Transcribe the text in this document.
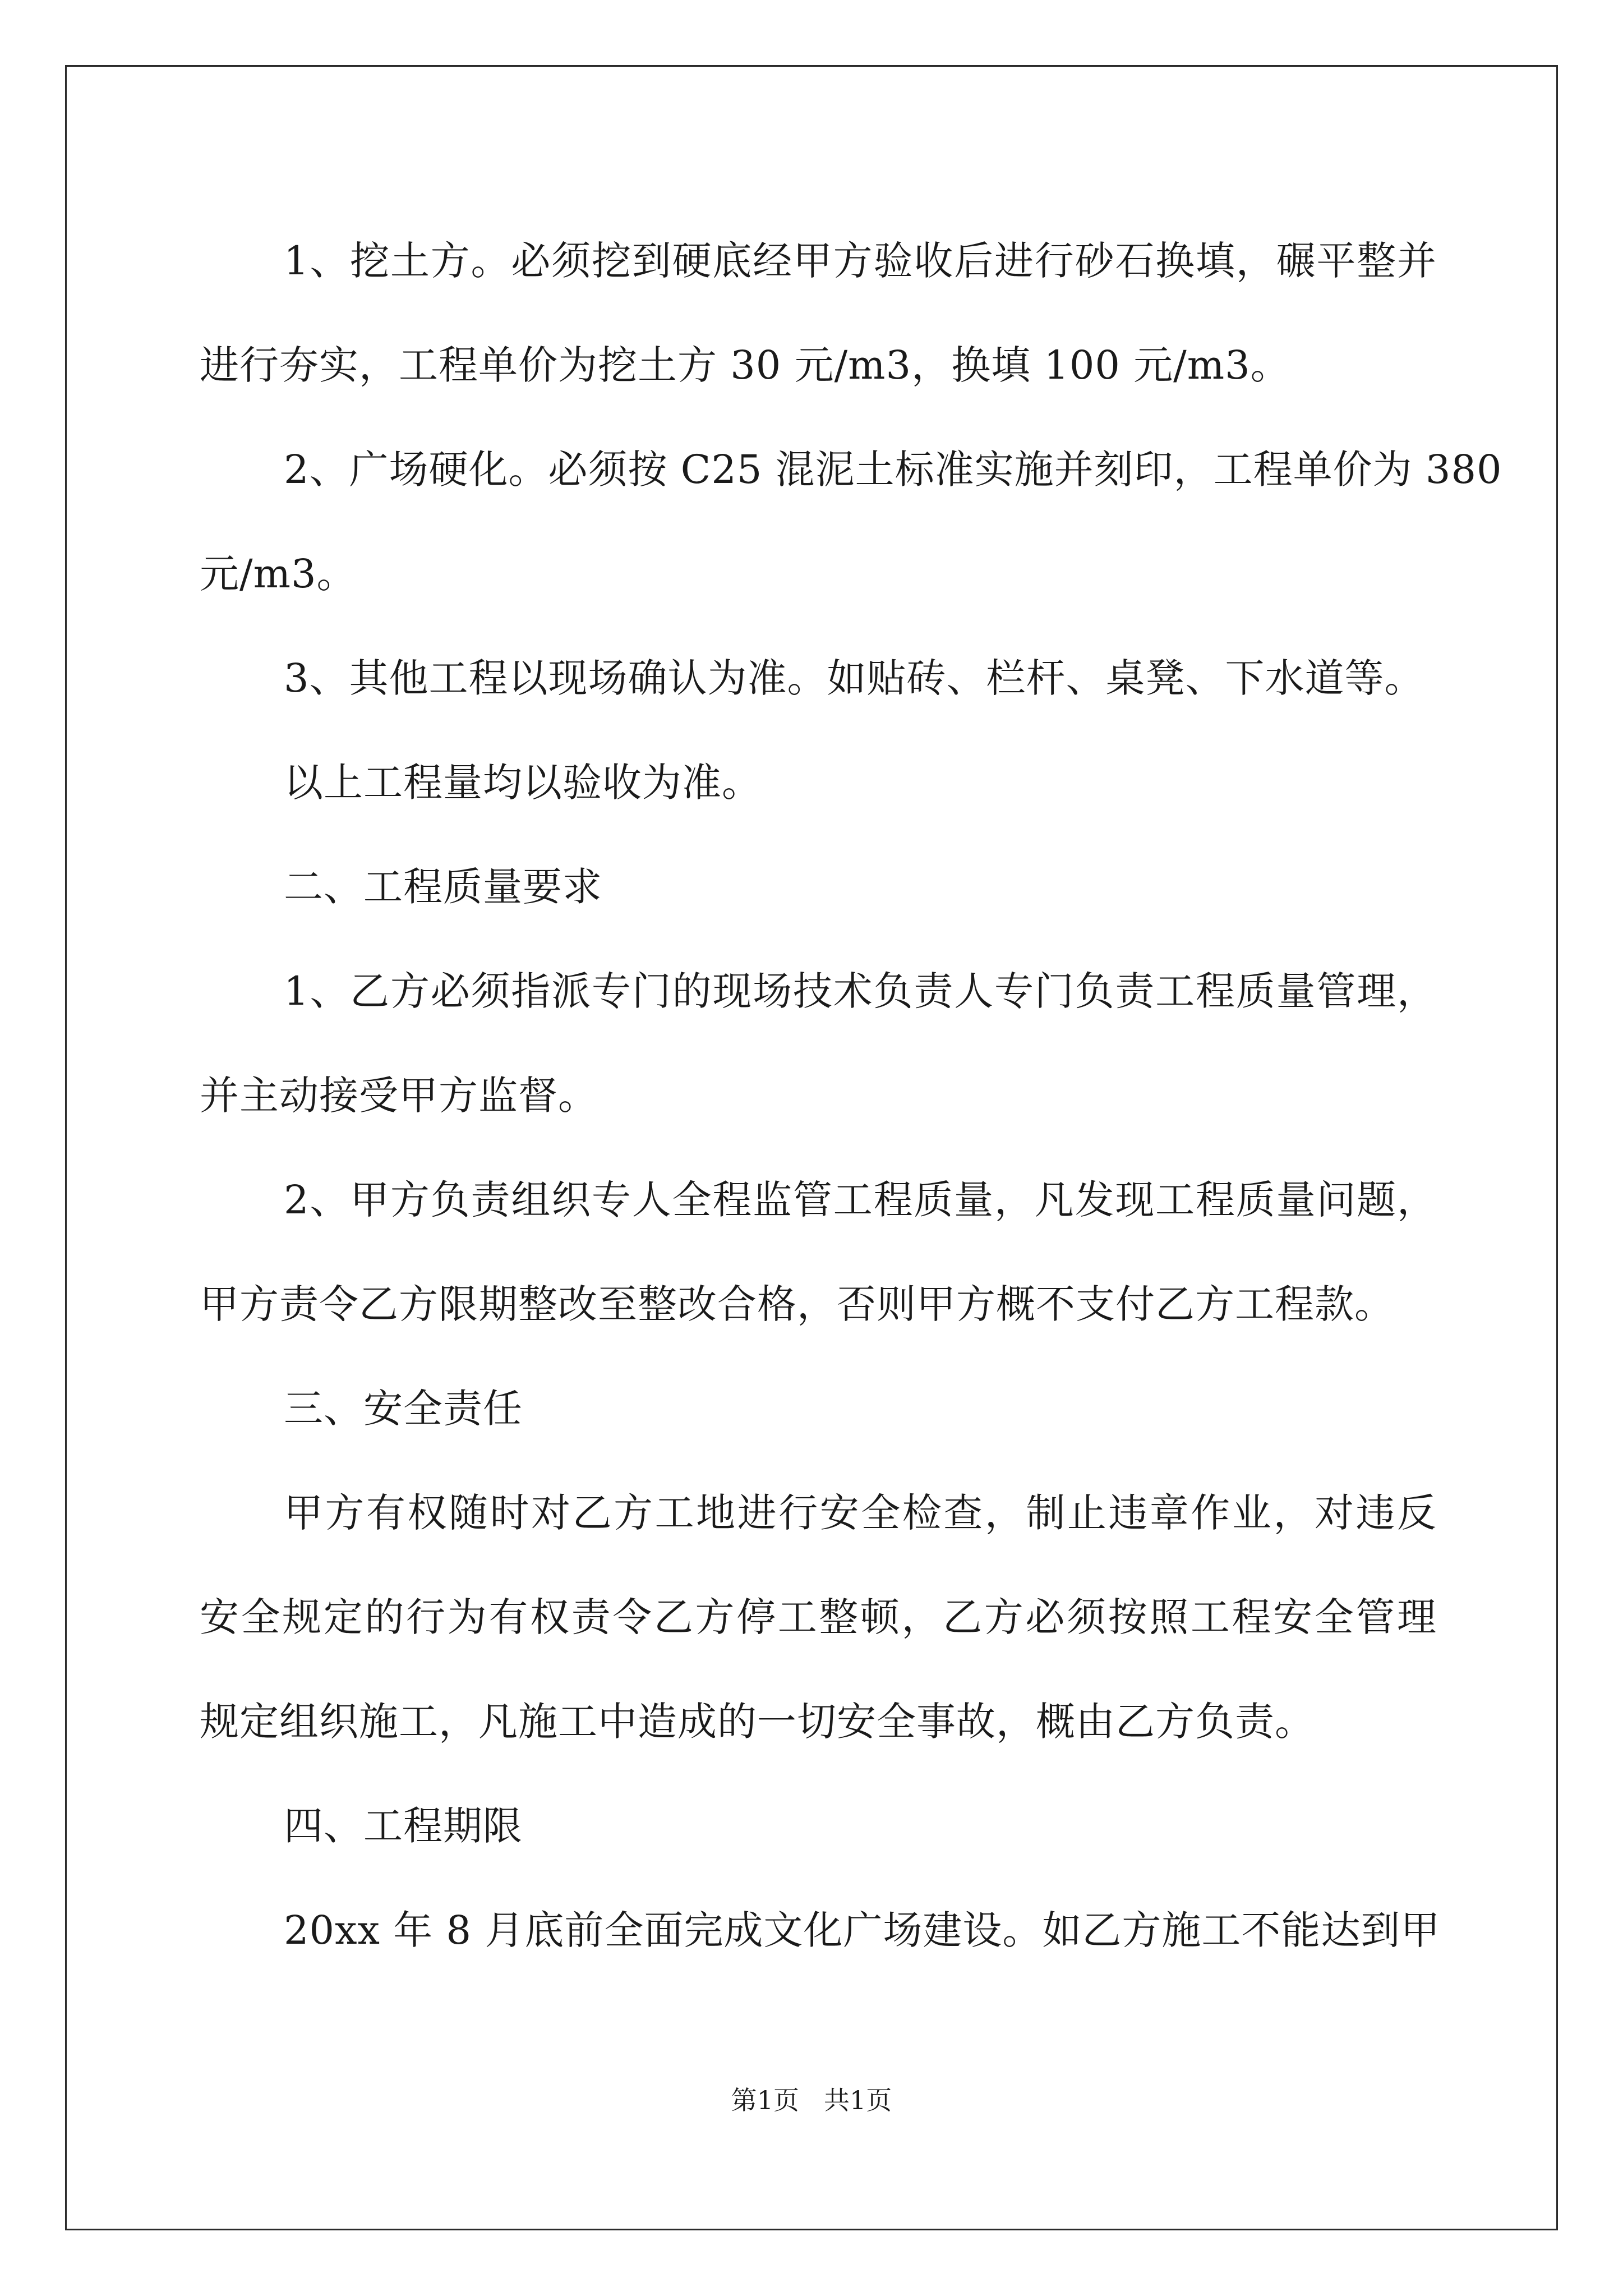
1、挖土方。必须挖到硬底经甲方验收后进行砂石换填，碾平整并
进行夯实，工程单价为挖土方 30 元/m3，换填 100 元/m3。
2、广场硬化。必须按 C25 混泥土标准实施并刻印，工程单价为 380
元/m3。
3、其他工程以现场确认为准。如贴砖、栏杆、桌凳、下水道等。
以上工程量均以验收为准。
二、工程质量要求
1、乙方必须指派专门的现场技术负责人专门负责工程质量管理，
并主动接受甲方监督。
2、甲方负责组织专人全程监管工程质量，凡发现工程质量问题，
甲方责令乙方限期整改至整改合格，否则甲方概不支付乙方工程款。
三、安全责任
甲方有权随时对乙方工地进行安全检查，制止违章作业，对违反
安全规定的行为有权责令乙方停工整顿，乙方必须按照工程安全管理
规定组织施工，凡施工中造成的一切安全事故，概由乙方负责。
四、工程期限
20xx 年 8 月底前全面完成文化广场建设。如乙方施工不能达到甲
第1页 共1页
